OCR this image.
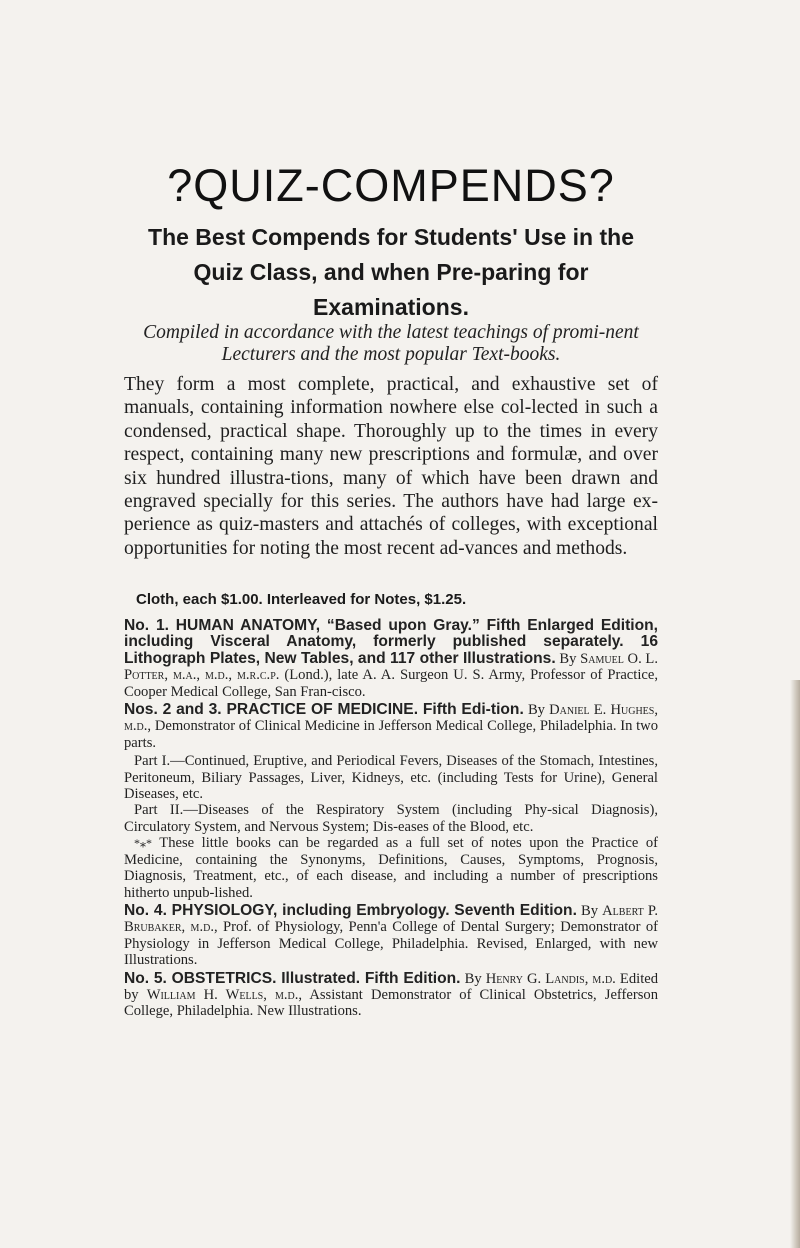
?QUIZ-COMPENDS?
The Best Compends for Students' Use in the Quiz Class, and when Pre-paring for Examinations.
Compiled in accordance with the latest teachings of promi-nent Lecturers and the most popular Text-books.
They form a most complete, practical, and exhaustive set of manuals, containing information nowhere else col-lected in such a condensed, practical shape. Thoroughly up to the times in every respect, containing many new prescriptions and formulæ, and over six hundred illustra-tions, many of which have been drawn and engraved specially for this series. The authors have had large ex-perience as quiz-masters and attachés of colleges, with exceptional opportunities for noting the most recent ad-vances and methods.
Cloth, each $1.00. Interleaved for Notes, $1.25.
No. 1. HUMAN ANATOMY, “Based upon Gray.” Fifth Enlarged Edition, including Visceral Anatomy, formerly published separately. 16 Lithograph Plates, New Tables, and 117 other Illustrations. By Samuel O. L. Potter, m.a., m.d., m.r.c.p. (Lond.), late A. A. Surgeon U. S. Army, Professor of Practice, Cooper Medical College, San Fran-cisco.
Nos. 2 and 3. PRACTICE OF MEDICINE. Fifth Edi-tion. By Daniel E. Hughes, m.d., Demonstrator of Clinical Medicine in Jefferson Medical College, Philadelphia. In two parts.
Part I.—Continued, Eruptive, and Periodical Fevers, Diseases of the Stomach, Intestines, Peritoneum, Biliary Passages, Liver, Kidneys, etc. (including Tests for Urine), General Diseases, etc.
Part II.—Diseases of the Respiratory System (including Phy-sical Diagnosis), Circulatory System, and Nervous System; Dis-eases of the Blood, etc.
*⁎* These little books can be regarded as a full set of notes upon the Practice of Medicine, containing the Synonyms, Definitions, Causes, Symptoms, Prognosis, Diagnosis, Treatment, etc., of each disease, and including a number of prescriptions hitherto unpub-lished.
No. 4. PHYSIOLOGY, including Embryology. Seventh Edition. By Albert P. Brubaker, m.d., Prof. of Physiology, Penn'a College of Dental Surgery; Demonstrator of Physiology in Jefferson Medical College, Philadelphia. Revised, Enlarged, with new Illustrations.
No. 5. OBSTETRICS. Illustrated. Fifth Edition. By Henry G. Landis, m.d. Edited by William H. Wells, m.d., Assistant Demonstrator of Clinical Obstetrics, Jefferson College, Philadelphia. New Illustrations.
